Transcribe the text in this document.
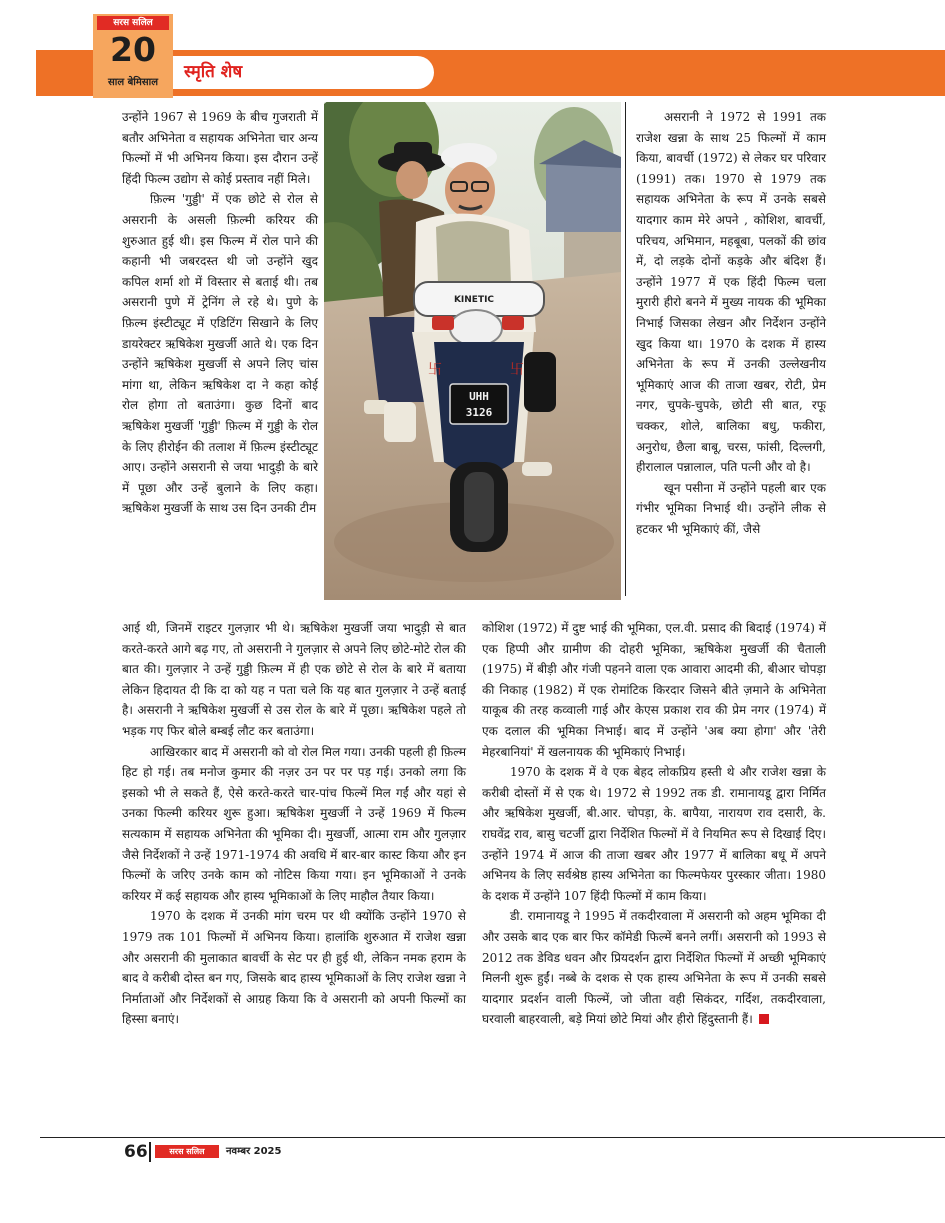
स्मृति शेष
सरस सलिल
20
साल बेमिसाल

उन्होंने 1967 से 1969 के बीच गुजराती में बतौर अभिनेता व सहायक अभिनेता चार अन्य फिल्मों में भी अभिनय किया। इस दौरान उन्हें हिंदी फिल्म उद्योग से कोई प्रस्ताव नहीं मिले।

फ़िल्म 'गुड्डी' में एक छोटे से रोल से असरानी के असली फ़िल्मी करियर की शुरुआत हुई थी। इस फिल्म में रोल पाने की कहानी भी जबरदस्त थी जो उन्होंने खुद कपिल शर्मा शो में विस्तार से बताई थी। तब असरानी पुणे में ट्रेनिंग ले रहे थे। पुणे के फ़िल्म इंस्टीट्यूट में एडिटिंग सिखाने के लिए डायरेक्टर ऋषिकेश मुखर्जी आते थे। एक दिन उन्होंने ऋषिकेश मुखर्जी से अपने लिए चांस मांगा था, लेकिन ऋषिकेश दा ने कहा कोई रोल होगा तो बताउंगा। कुछ दिनों बाद ऋषिकेश मुखर्जी 'गुड्डी' फ़िल्म में गुड्डी के रोल के लिए हीरोईन की तलाश में फ़िल्म इंस्टीट्यूट आए। उन्होंने असरानी से जया भादुड़ी के बारे में पूछा और उन्हें बुलाने के लिए कहा। ऋषिकेश मुखर्जी के साथ उस दिन उनकी टीम

KINETIC
UHH
3126
卐	卐

असरानी ने 1972 से 1991 तक राजेश खन्ना के साथ 25 फिल्मों में काम किया, बावर्ची (1972) से लेकर घर परिवार (1991) तक। 1970 से 1979 तक सहायक अभिनेता के रूप में उनके सबसे यादगार काम मेरे अपने , कोशिश, बावर्ची, परिचय, अभिमान, महबूबा, पलकों की छांव में, दो लड़के दोनों कड़के और बंदिश हैं। उन्होंने 1977 में एक हिंदी फिल्म चला मुरारी हीरो बनने में मुख्य नायक की भूमिका निभाई जिसका लेखन और निर्देशन उन्होंने खुद किया था। 1970 के दशक में हास्य अभिनेता के रूप में उनकी उल्लेखनीय भूमिकाएं आज की ताजा खबर, रोटी, प्रेम नगर, चुपके-चुपके, छोटी सी बात, रफू चक्कर, शोले, बालिका बधु, फकीरा, अनुरोध, छैला बाबू, चरस, फांसी, दिल्लगी, हीरालाल पन्नालाल, पति पत्नी और वो है।

खून पसीना में उन्होंने पहली बार एक गंभीर भूमिका निभाई थी। उन्होंने लीक से हटकर भी भूमिकाएं कीं, जैसे

आई थी, जिनमें राइटर गुलज़ार भी थे। ऋषिकेश मुखर्जी जया भादुड़ी से बात करते-करते आगे बढ़ गए, तो असरानी ने गुलज़ार से अपने लिए छोटे-मोटे रोल की बात की। गुलज़ार ने उन्हें गुड्डी फ़िल्म में ही एक छोटे से रोल के बारे में बताया लेकिन हिदायत दी कि दा को यह न पता चले कि यह बात गुलज़ार ने उन्हें बताई है। असरानी ने ऋषिकेश मुखर्जी से उस रोल के बारे में पूछा। ऋषिकेश पहले तो भड़क गए फिर बोले बम्बई लौट कर बताउंगा।

आखिरकार बाद में असरानी को वो रोल मिल गया। उनकी पहली ही फ़िल्म हिट हो गई। तब मनोज कुमार की नज़र उन पर पर पड़ गई। उनको लगा कि इसको भी ले सकते हैं, ऐसे करते-करते चार-पांच फिल्में मिल गईं और यहां से उनका फिल्मी करियर शुरू हुआ। ऋषिकेश मुखर्जी ने उन्हें 1969 में फिल्म सत्यकाम में सहायक अभिनेता की भूमिका दी। मुखर्जी, आत्मा राम और गुलज़ार जैसे निर्देशकों ने उन्हें 1971-1974 की अवधि में बार-बार कास्ट किया और इन फिल्मों के जरिए उनके काम को नोटिस किया गया। इन भूमिकाओं ने उनके करियर में कई सहायक और हास्य भूमिकाओं के लिए माहौल तैयार किया।

1970 के दशक में उनकी मांग चरम पर थी क्योंकि उन्होंने 1970 से 1979 तक 101 फिल्मों में अभिनय किया। हालांकि शुरुआत में राजेश खन्ना और असरानी की मुलाकात बावर्ची के सेट पर ही हुई थी, लेकिन नमक हराम के बाद वे करीबी दोस्त बन गए, जिसके बाद हास्य भूमिकाओं के लिए राजेश खन्ना ने निर्माताओं और निर्देशकों से आग्रह किया कि वे असरानी को अपनी फिल्मों का हिस्सा बनाएं।

कोशिश (1972) में दुष्ट भाई की भूमिका, एल.वी. प्रसाद की बिदाई (1974) में एक हिप्पी और ग्रामीण की दोहरी भूमिका, ऋषिकेश मुखर्जी की चैताली (1975) में बीड़ी और गंजी पहनने वाला एक आवारा आदमी की, बीआर चोपड़ा की निकाह (1982) में एक रोमांटिक किरदार जिसने बीते ज़माने के अभिनेता याकूब की तरह कव्वाली गाई और केएस प्रकाश राव की प्रेम नगर (1974) में एक दलाल की भूमिका निभाई। बाद में उन्होंने 'अब क्या होगा' और 'तेरी मेहरबानियां' में खलनायक की भूमिकाएं निभाई।

1970 के दशक में वे एक बेहद लोकप्रिय हस्ती थे और राजेश खन्ना के करीबी दोस्तों में से एक थे। 1972 से 1992 तक डी. रामानायडू द्वारा निर्मित और ऋषिकेश मुखर्जी, बी.आर. चोपड़ा, के. बापैया, नारायण राव दसारी, के. राघवेंद्र राव, बासु चटर्जी द्वारा निर्देशित फिल्मों में वे नियमित रूप से दिखाई दिए। उन्होंने 1974 में आज की ताजा खबर और 1977 में बालिका बधू में अपने अभिनय के लिए सर्वश्रेष्ठ हास्य अभिनेता का फिल्मफेयर पुरस्कार जीता। 1980 के दशक में उन्होंने 107 हिंदी फिल्मों में काम किया।

डी. रामानायडू ने 1995 में तकदीरवाला में असरानी को अहम भूमिका दी और उसके बाद एक बार फिर कॉमेडी फिल्में बनने लगीं। असरानी को 1993 से 2012 तक डेविड धवन और प्रियदर्शन द्वारा निर्देशित फिल्मों में अच्छी भूमिकाएं मिलनी शुरू हुईं। नब्बे के दशक से एक हास्य अभिनेता के रूप में उनकी सबसे यादगार प्रदर्शन वाली फिल्में, जो जीता वही सिकंदर, गर्दिश, तकदीरवाला, घरवाली बाहरवाली, बड़े मियां छोटे मियां और हीरो हिंदुस्तानी हैं।

66	सरस सलिल	नवम्बर 2025
